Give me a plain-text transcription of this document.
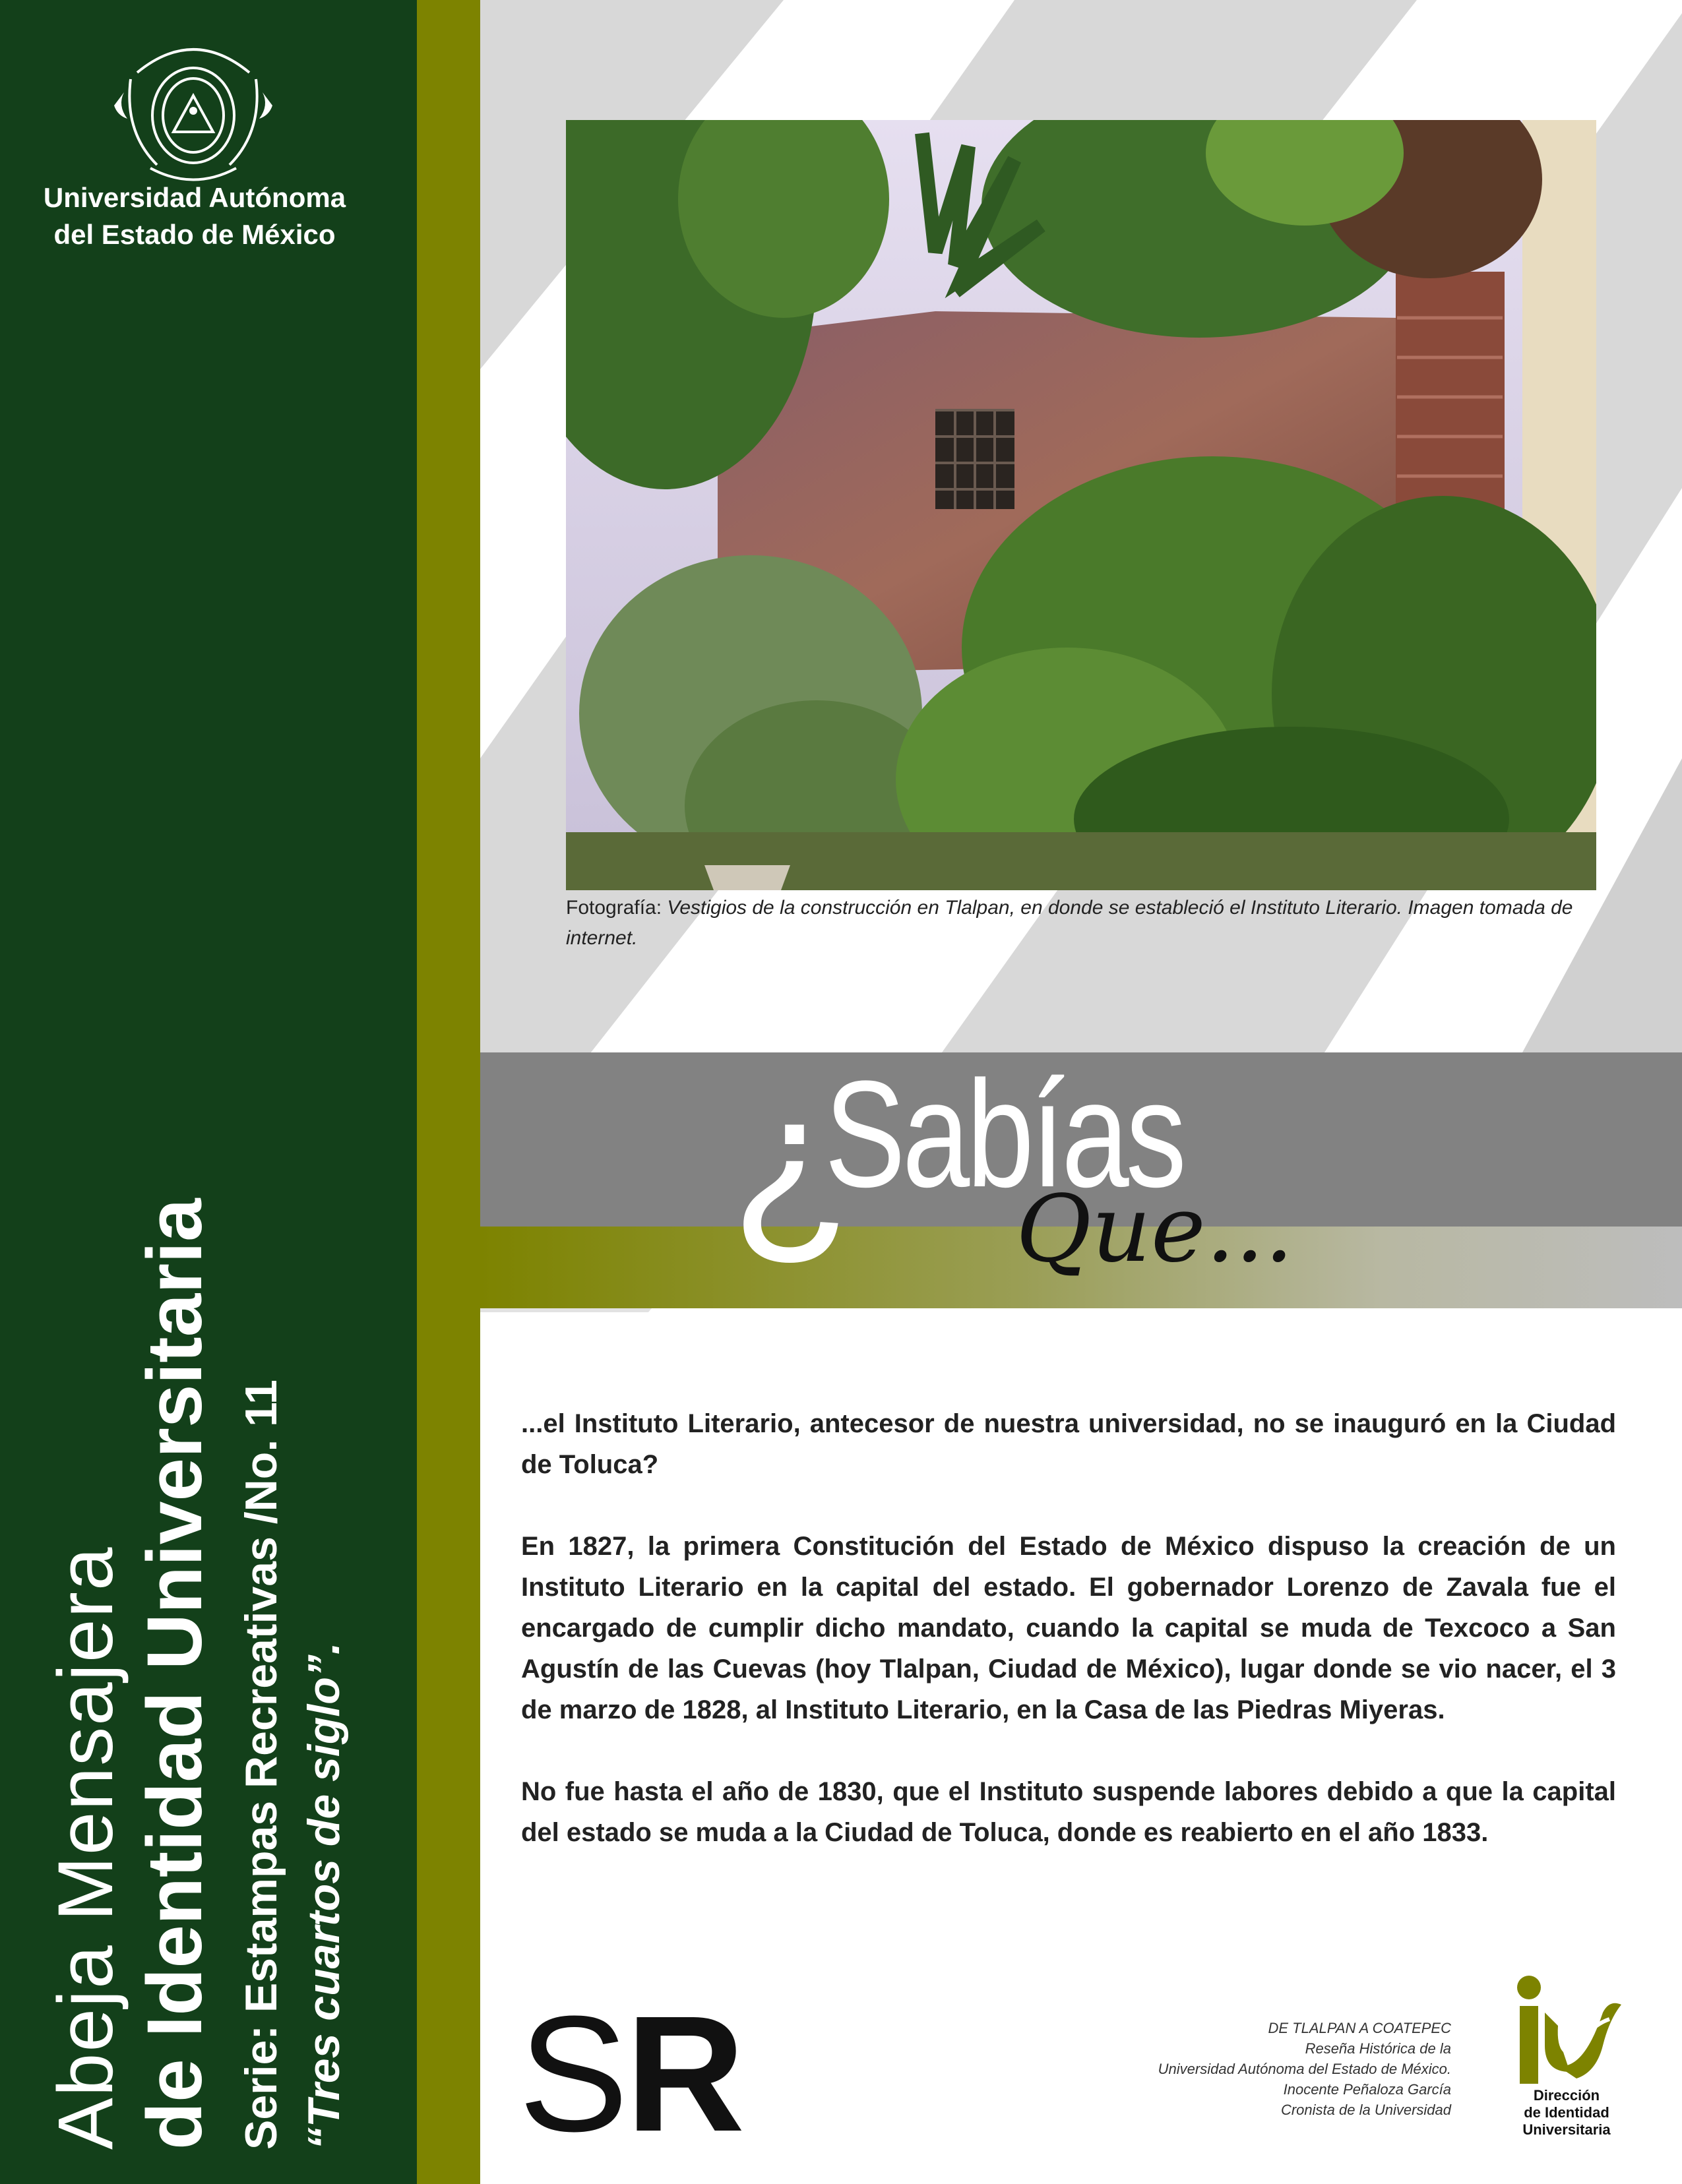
Universidad Autónoma
del Estado de México
Abeja Mensajera de Identidad Universitaria Serie: Estampas Recreativas /No. 11 “Tres cuartos de siglo”.
Fotografía: Vestigios de la construcción en Tlalpan, en donde se estableció el Instituto Literario. Imagen tomada de internet.
¿
Sabías
Que...

...el Instituto Literario, antecesor de nuestra universidad, no se inauguró en la Ciudad de Toluca?

En 1827, la primera Constitución del Estado de México dispuso la creación de un Instituto Literario en la capital del estado. El gobernador Lorenzo de Zavala fue el encargado de cumplir dicho mandato, cuando la capital se muda de Texcoco a San Agustín de las Cuevas (hoy Tlalpan, Ciudad de México), lugar donde se vio nacer, el 3 de marzo de 1828, al Instituto Literario, en la Casa de las Piedras Miyeras.

No fue hasta el año de 1830, que el Instituto suspende labores debido a que la capital del estado se muda a la Ciudad de Toluca, donde es reabierto en el año 1833.

SR	DE TLALPAN A COATEPEC
Reseña Histórica de la
Universidad Autónoma del Estado de México.
Inocente Peñaloza García
Cronista de la Universidad
Dirección
de Identidad
Universitaria
